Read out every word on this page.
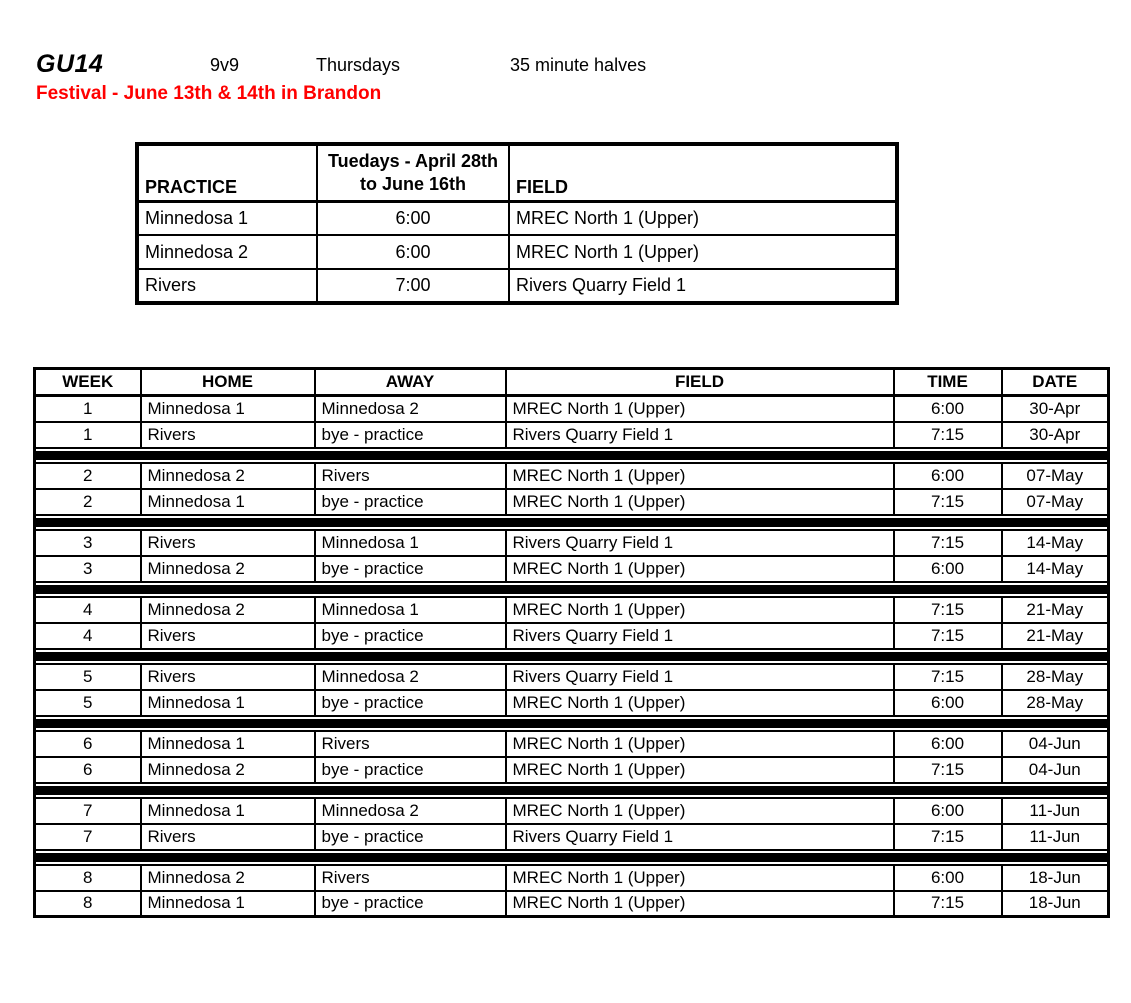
GU14	9v9	Thursdays	35 minute halves
Festival - June 13th & 14th in Brandon
PRACTICE	Tuedays - April 28th to June 16th	FIELD
Minnedosa 1	6:00	MREC North 1 (Upper)
Minnedosa 2	6:00	MREC North 1 (Upper)
Rivers	7:00	Rivers Quarry Field 1
WEEK	HOME	AWAY	FIELD	TIME	DATE
1	Minnedosa 1	Minnedosa 2	MREC North 1 (Upper)	6:00	30-Apr
1	Rivers	bye - practice	Rivers Quarry Field 1	7:15	30-Apr

2	Minnedosa 2	Rivers	MREC North 1 (Upper)	6:00	07-May
2	Minnedosa 1	bye - practice	MREC North 1 (Upper)	7:15	07-May

3	Rivers	Minnedosa 1	Rivers Quarry Field 1	7:15	14-May
3	Minnedosa 2	bye - practice	MREC North 1 (Upper)	6:00	14-May

4	Minnedosa 2	Minnedosa 1	MREC North 1 (Upper)	7:15	21-May
4	Rivers	bye - practice	Rivers Quarry Field 1	7:15	21-May

5	Rivers	Minnedosa 2	Rivers Quarry Field 1	7:15	28-May
5	Minnedosa 1	bye - practice	MREC North 1 (Upper)	6:00	28-May

6	Minnedosa 1	Rivers	MREC North 1 (Upper)	6:00	04-Jun
6	Minnedosa 2	bye - practice	MREC North 1 (Upper)	7:15	04-Jun

7	Minnedosa 1	Minnedosa 2	MREC North 1 (Upper)	6:00	11-Jun
7	Rivers	bye - practice	Rivers Quarry Field 1	7:15	11-Jun

8	Minnedosa 2	Rivers	MREC North 1 (Upper)	6:00	18-Jun
8	Minnedosa 1	bye - practice	MREC North 1 (Upper)	7:15	18-Jun
